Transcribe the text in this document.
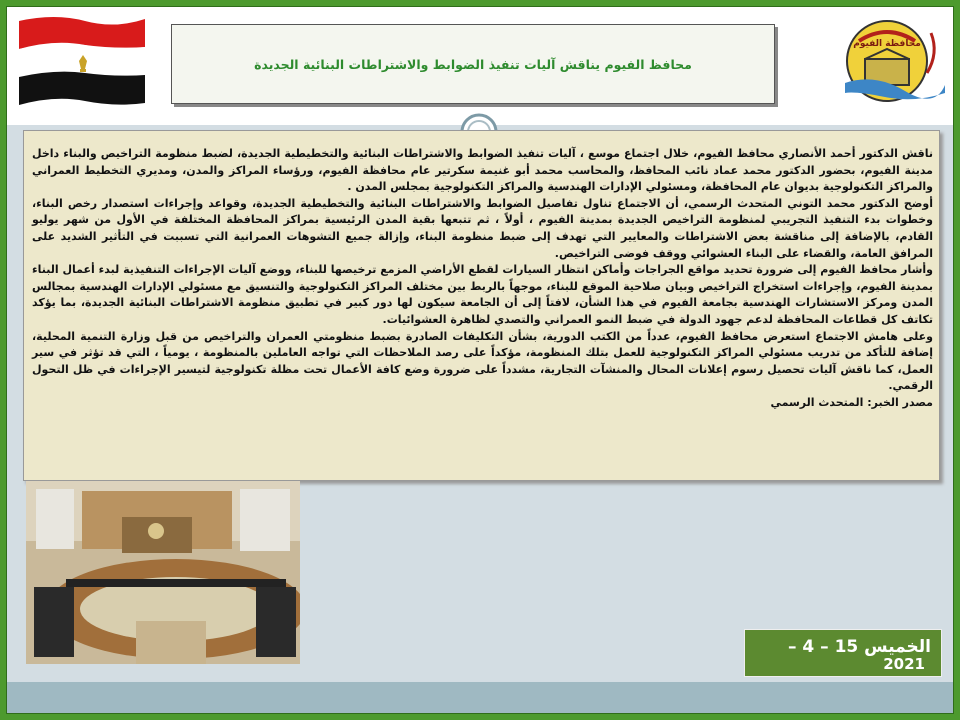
محافظة الفيوم
محافظ الفيوم يناقش آليات تنفيذ الضوابط والاشتراطات البنائية الجديدة

ناقش الدكتور أحمد الأنصاري محافظ الفيوم، خلال اجتماع موسع ، آليات تنفيذ الضوابط والاشتراطات البنائية والتخطيطية الجديدة، لضبط منظومة التراخيص والبناء داخل مدينة الفيوم، بحضور الدكتور محمد عماد نائب المحافظ، والمحاسب محمد أبو غنيمة سكرتير عام محافظة الفيوم، ورؤساء المراكز والمدن، ومديري التخطيط العمراني والمراكز التكنولوجية بديوان عام المحافظة، ومسئولي الإدارات الهندسية والمراكز التكنولوجية بمجلس المدن .

أوضح الدكتور محمد التوني المتحدث الرسمي، أن الاجتماع تناول تفاصيل الضوابط والاشتراطات البنائية والتخطيطية الجديدة، وقواعد وإجراءات استصدار رخص البناء، وخطوات بدء التنفيذ التجريبي لمنظومة التراخيص الجديدة بمدينة الفيوم ، أولاً ، ثم تتبعها بقية المدن الرئيسية بمراكز المحافظة المختلفة في الأول من شهر يوليو القادم، بالإضافة إلى مناقشة بعض الاشتراطات والمعايير التي تهدف إلى ضبط منظومة البناء، وإزالة جميع التشوهات العمرانية التي تسببت في التأثير الشديد على المرافق العامة، والقضاء على البناء العشوائي ووقف فوضى التراخيص.

وأشار محافظ الفيوم إلى ضرورة تحديد مواقع الجراجات وأماكن انتظار السيارات لقطع الأراضي المزمع ترخيصها للبناء، ووضع آليات الإجراءات التنفيذية لبدء أعمال البناء بمدينة الفيوم، وإجراءات استخراج التراخيص وبيان صلاحية الموقع للبناء، موجهاً بالربط بين مختلف المراكز التكنولوجية والتنسيق مع مسئولي الإدارات الهندسية بمجالس المدن ومركز الاستشارات الهندسية بجامعة الفيوم في هذا الشأن، لافتاً إلى أن الجامعة سيكون لها دور كبير في تطبيق منظومة الاشتراطات البنائية الجديدة، بما يؤكد تكاتف كل قطاعات المحافظة لدعم جهود الدولة في ضبط النمو العمراني والتصدي لظاهرة العشوائيات.

وعلى هامش الاجتماع استعرض محافظ الفيوم، عدداً من الكتب الدورية، بشأن التكليفات الصادرة بضبط منظومتي العمران والتراخيص من قبل وزارة التنمية المحلية، إضافة للتأكد من تدريب مسئولي المراكز التكنولوجية للعمل بتلك المنظومة، مؤكداً على رصد الملاحظات التي تواجه العاملين بالمنظومة ، يومياً ، التي قد تؤثر في سير العمل، كما ناقش آليات تحصيل رسوم إعلانات المحال والمنشآت التجارية، مشدداً على ضرورة وضع كافة الأعمال تحت مظلة تكنولوجية لتيسير الإجراءات في ظل التحول الرقمي.

مصدر الخبر: المتحدث الرسمي

الخميس 15 – 4 –
2021
